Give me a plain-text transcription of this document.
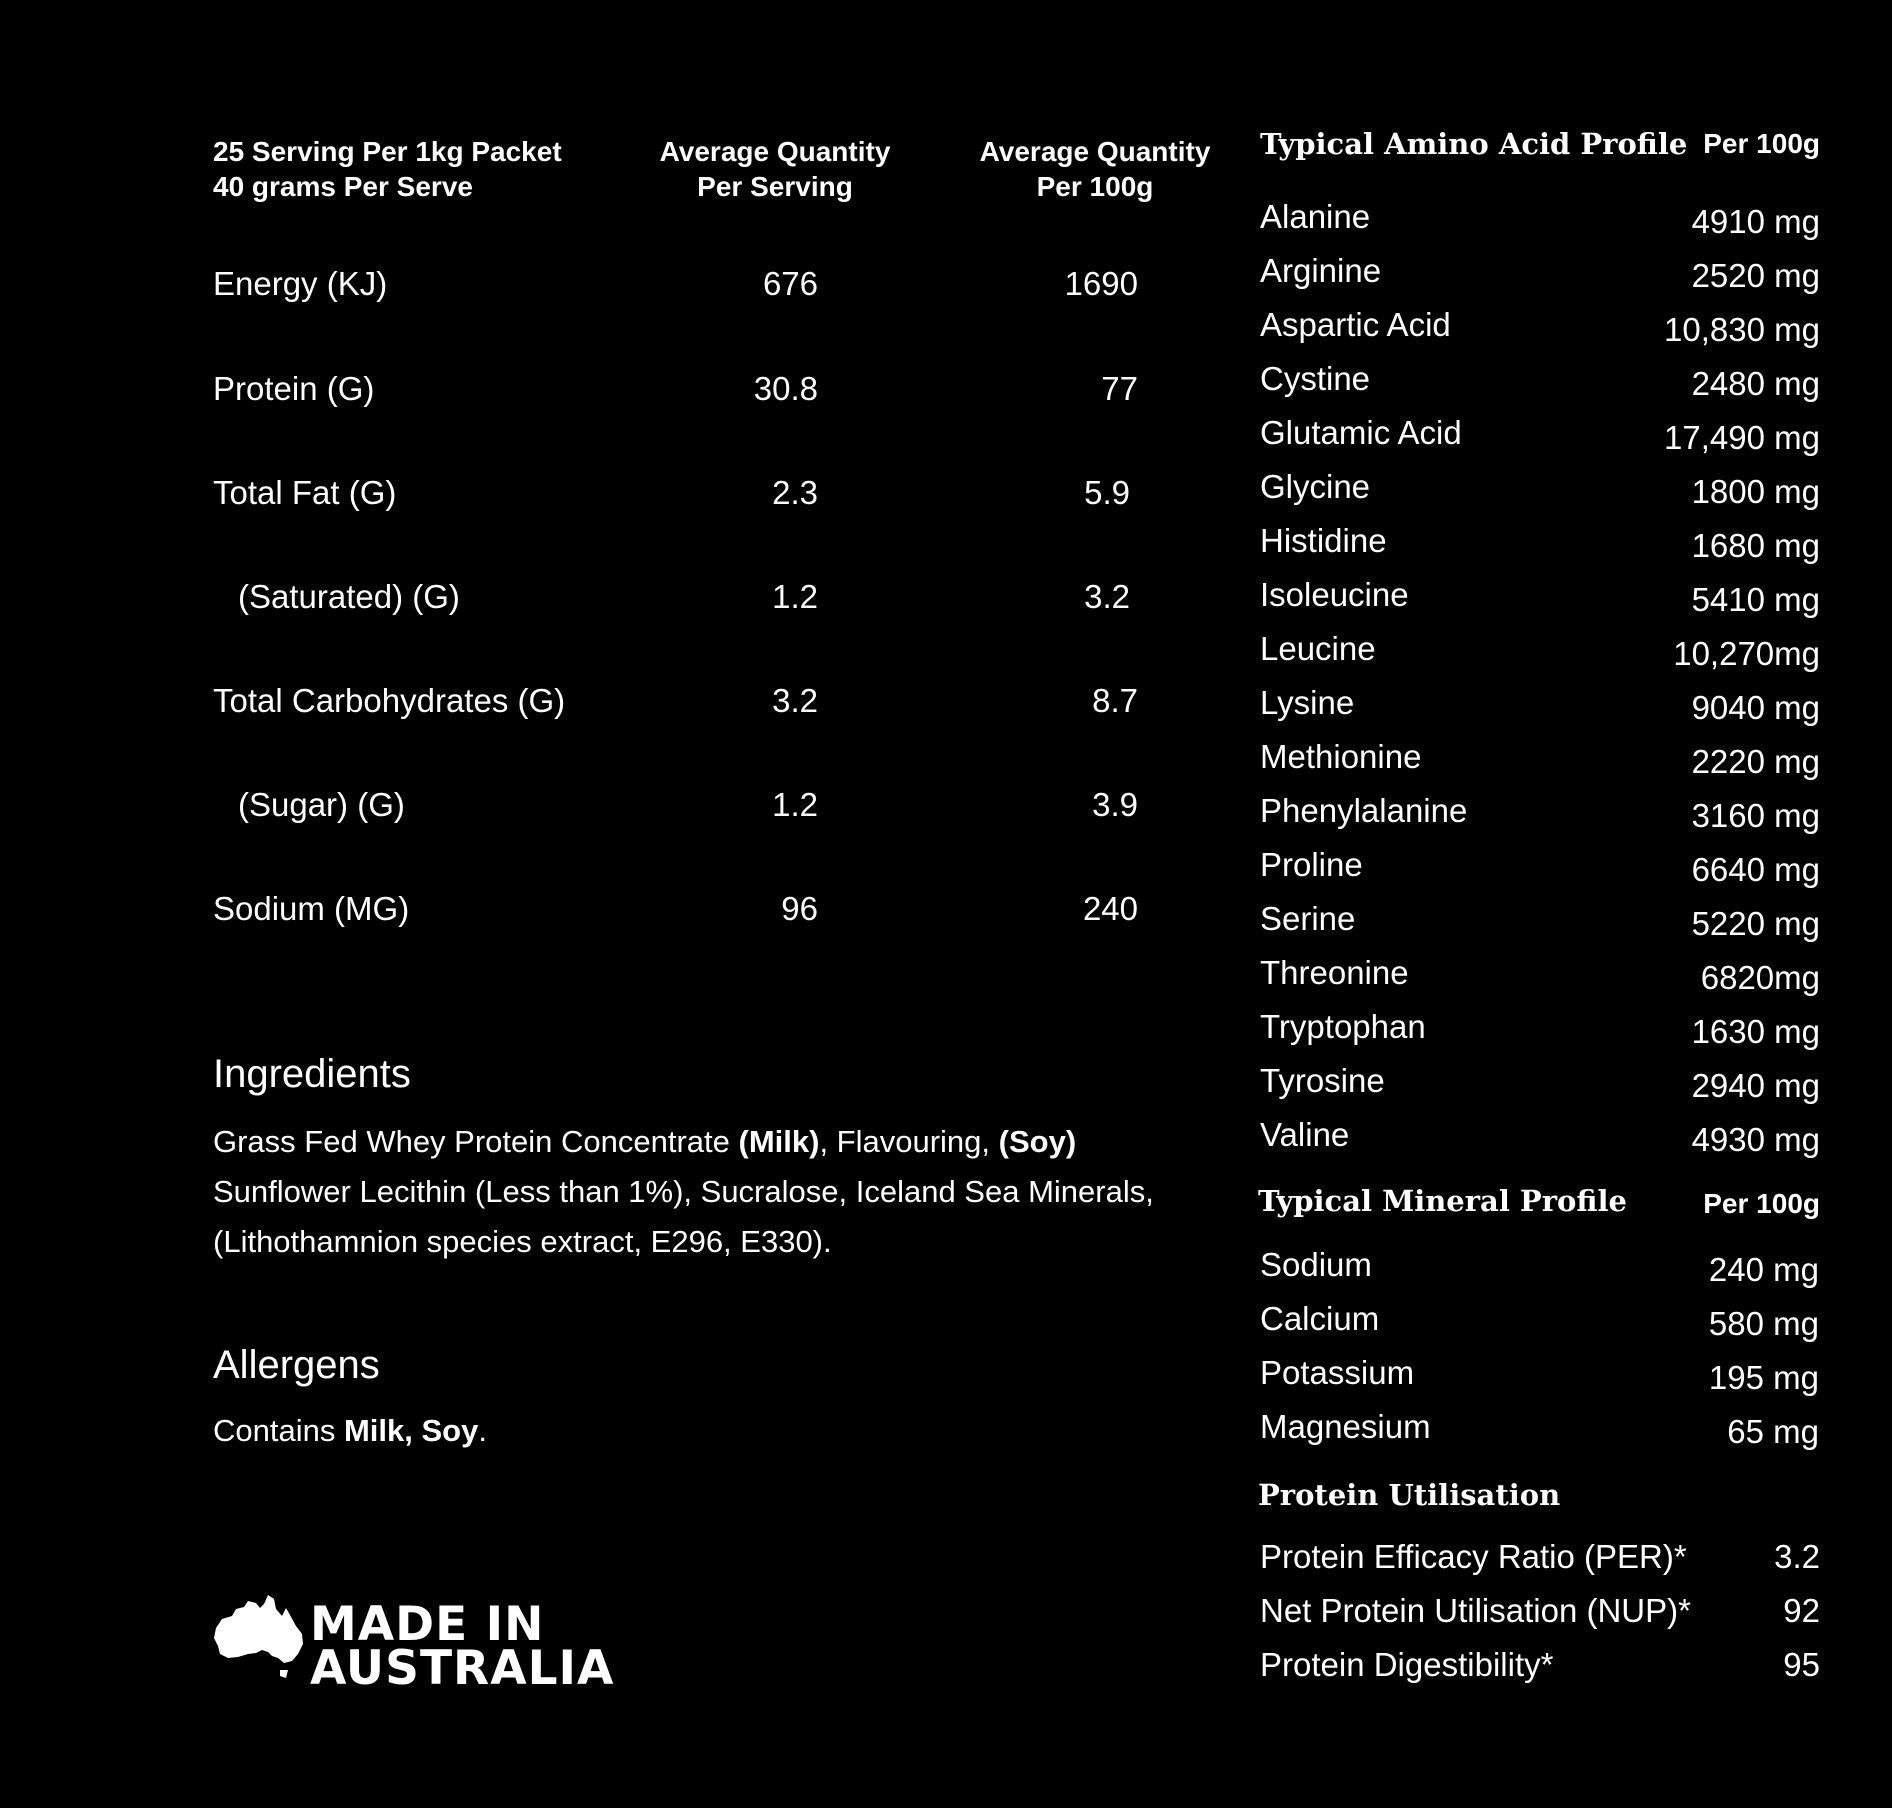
25 Serving Per 1kg Packet
40 grams Per Serve
Average Quantity
Per Serving
Average Quantity
Per 100g
Energy (KJ)	676	1690
Protein (G)	30.8	77
Total Fat (G)	2.3	5.9
(Saturated) (G)	1.2	3.2
Total Carbohydrates (G)	3.2	8.7
(Sugar) (G)	1.2	3.9
Sodium (MG)	96	240
Ingredients
Grass Fed Whey Protein Concentrate (Milk), Flavouring, (Soy)
Sunflower Lecithin (Less than 1%), Sucralose, Iceland Sea Minerals, (Lithothamnion species extract, E296, E330).
Allergens
Contains Milk, Soy.
MADE IN
AUSTRALIA
Typical Amino Acid Profile Per 100g
Alanine	4910 mg
Arginine	2520 mg
Aspartic Acid	10,830 mg
Cystine	2480 mg
Glutamic Acid	17,490 mg
Glycine	1800 mg
Histidine	1680 mg
Isoleucine	5410 mg
Leucine	10,270mg
Lysine	9040 mg
Methionine	2220 mg
Phenylalanine	3160 mg
Proline	6640 mg
Serine	5220 mg
Threonine	6820mg
Tryptophan	1630 mg
Tyrosine	2940 mg
Valine	4930 mg
Typical Mineral Profile	Per 100g
Sodium	240 mg
Calcium	580 mg
Potassium	195 mg
Magnesium	65 mg
Protein Utilisation
Protein Efficacy Ratio (PER)*	3.2
Net Protein Utilisation (NUP)*	92
Protein Digestibility*	95
